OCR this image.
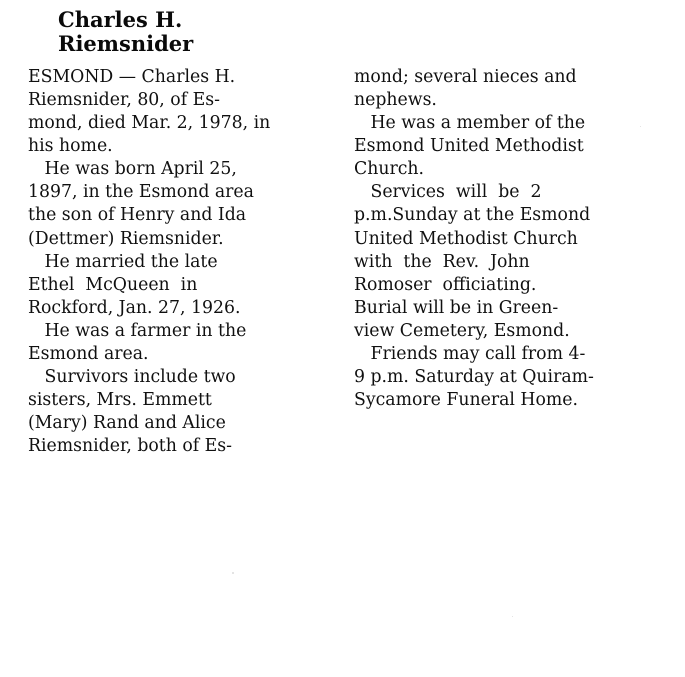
Charles H.
Riemsnider
ESMOND — Charles H.
Riemsnider, 80, of Es-
mond, died Mar. 2, 1978, in
his home.
He was born April 25,
1897, in the Esmond area
the son of Henry and Ida
(Dettmer) Riemsnider.
He married the late
Ethel  McQueen  in
Rockford, Jan. 27, 1926.
He was a farmer in the
Esmond area.
Survivors include two
sisters, Mrs. Emmett
(Mary) Rand and Alice
Riemsnider, both of Es-
mond; several nieces and
nephews.
He was a member of the
Esmond United Methodist
Church.
Services  will  be  2
p.m.Sunday at the Esmond
United Methodist Church
with  the  Rev.  John
Romoser  officiating.
Burial will be in Green-
view Cemetery, Esmond.
Friends may call from 4-
9 p.m. Saturday at Quiram-
Sycamore Funeral Home.
